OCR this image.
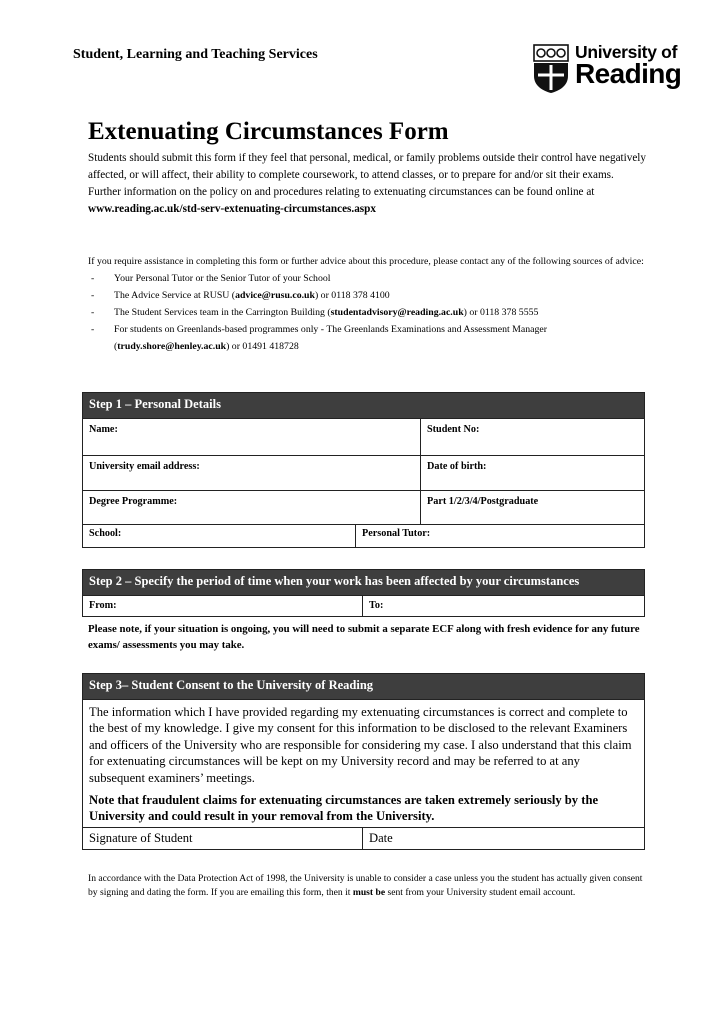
Student, Learning and Teaching Services	University of
Reading
Extenuating Circumstances Form
Students should submit this form if they feel that personal, medical, or family problems outside their control have negatively affected, or will affect, their ability to complete coursework, to attend classes, or to prepare for and/or sit their exams. Further information on the policy on and procedures relating to extenuating circumstances can be found online at
www.reading.ac.uk/std-serv-extenuating-circumstances.aspx
If you require assistance in completing this form or further advice about this procedure, please contact any of the following sources of advice:
- Your Personal Tutor or the Senior Tutor of your School
- The Advice Service at RUSU (advice@rusu.co.uk) or 0118 378 4100
- The Student Services team in the Carrington Building (studentadvisory@reading.ac.uk) or 0118 378 5555
- For students on Greenlands-based programmes only - The Greenlands Examinations and Assessment Manager
(trudy.shore@henley.ac.uk) or 01491 418728
Step 1 – Personal Details
Name:	Student No:
University email address:	Date of birth:
Degree Programme:	Part 1/2/3/4/Postgraduate
School:	Personal Tutor:
Step 2 – Specify the period of time when your work has been affected by your circumstances
From:	To:
Please note, if your situation is ongoing, you will need to submit a separate ECF along with fresh evidence for any future exams/ assessments you may take.
Step 3– Student Consent to the University of Reading
The information which I have provided regarding my extenuating circumstances is correct and complete to the best of my knowledge. I give my consent for this information to be disclosed to the relevant Examiners and officers of the University who are responsible for considering my case. I also understand that this claim for extenuating circumstances will be kept on my University record and may be referred to at any subsequent examiners’ meetings.
Note that fraudulent claims for extenuating circumstances are taken extremely seriously by the University and could result in your removal from the University.
Signature of Student	Date
In accordance with the Data Protection Act of 1998, the University is unable to consider a case unless you the student has actually given consent by signing and dating the form. If you are emailing this form, then it must be sent from your University student email account.
